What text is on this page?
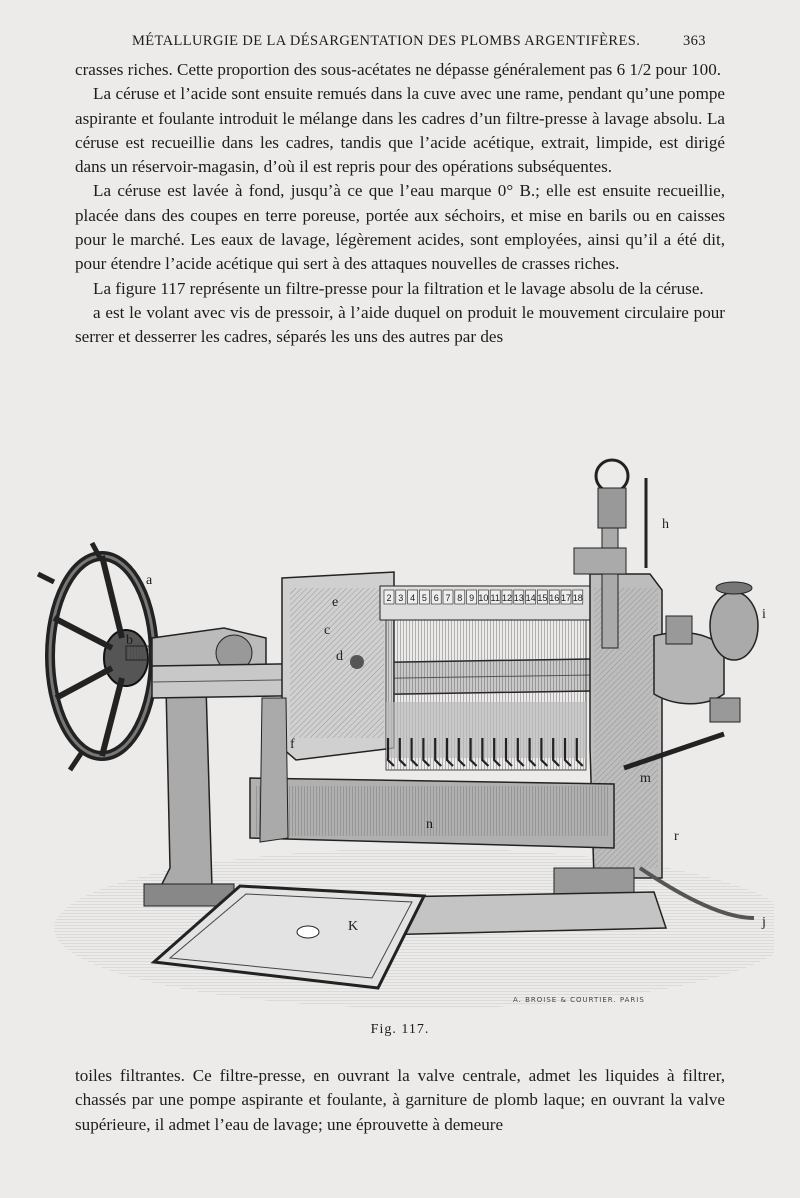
MÉTALLURGIE DE LA DÉSARGENTATION DES PLOMBS ARGENTIFÈRES.	363

crasses riches. Cette proportion des sous-acétates ne dépasse généralement pas 6 1/2 pour 100.

La céruse et l’acide sont ensuite remués dans la cuve avec une rame, pendant qu’une pompe aspirante et foulante introduit le mélange dans les cadres d’un filtre-presse à lavage absolu. La céruse est recueillie dans les cadres, tandis que l’acide acétique, extrait, limpide, est dirigé dans un réservoir-magasin, d’où il est repris pour des opérations subséquentes.

La céruse est lavée à fond, jusqu’à ce que l’eau marque 0° B.; elle est ensuite recueillie, placée dans des coupes en terre poreuse, portée aux séchoirs, et mise en barils ou en caisses pour le marché. Les eaux de lavage, légèrement acides, sont employées, ainsi qu’il a été dit, pour étendre l’acide acétique qui sert à des attaques nouvelles de crasses riches.

La figure 117 représente un filtre-presse pour la filtration et le lavage absolu de la céruse.

a est le volant avec vis de pressoir, à l’aide duquel on produit le mouvement circulaire pour serrer et desserrer les cadres, séparés les uns des autres par des

2 3 4 5 6 7 8 9 10 11 12 13 14 15 16 17 18
a
b
c
d
e
f
h
i
j
K
m
n
r
A. BROISE & COURTIER. PARIS
Fig. 117.

toiles filtrantes. Ce filtre-presse, en ouvrant la valve centrale, admet les liquides à filtrer, chassés par une pompe aspirante et foulante, à garniture de plomb laque; en ouvrant la valve supérieure, il admet l’eau de lavage; une éprouvette à demeure
